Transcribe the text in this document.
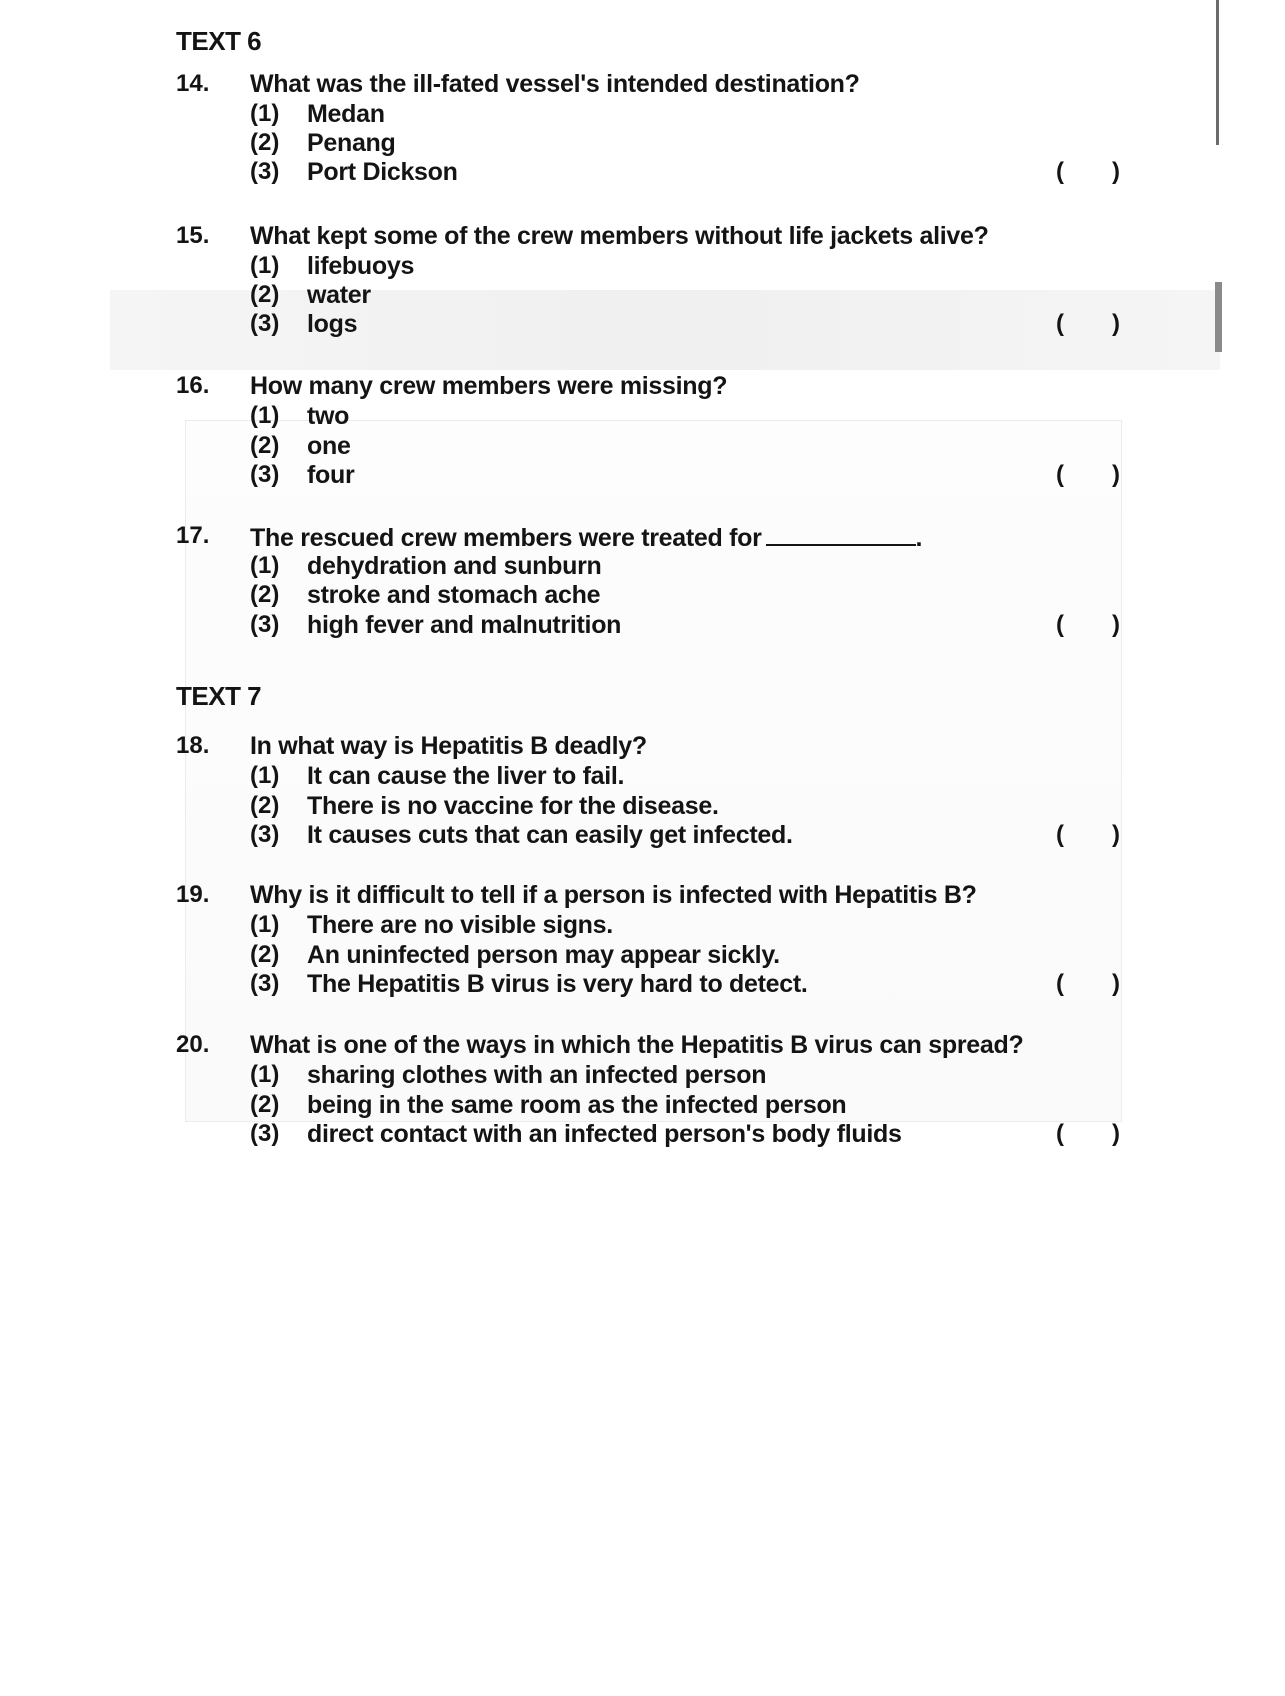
TEXT 6
14. What was the ill-fated vessel's intended destination?
(1) Medan
(2) Penang
(3) Port Dickson	( )
15. What kept some of the crew members without life jackets alive?
(1) lifebuoys
(2) water
(3) logs	( )
16. How many crew members were missing?
(1) two
(2) one
(3) four	( )
17. The rescued crew members were treated for	.
(1) dehydration and sunburn
(2) stroke and stomach ache
(3) high fever and malnutrition	( )
TEXT 7
18. In what way is Hepatitis B deadly?
(1) It can cause the liver to fail.
(2) There is no vaccine for the disease.
(3) It causes cuts that can easily get infected.	( )
19. Why is it difficult to tell if a person is infected with Hepatitis B?
(1) There are no visible signs.
(2) An uninfected person may appear sickly.
(3) The Hepatitis B virus is very hard to detect.	( )
20. What is one of the ways in which the Hepatitis B virus can spread?
(1) sharing clothes with an infected person
(2) being in the same room as the infected person
(3) direct contact with an infected person's body fluids	( )
